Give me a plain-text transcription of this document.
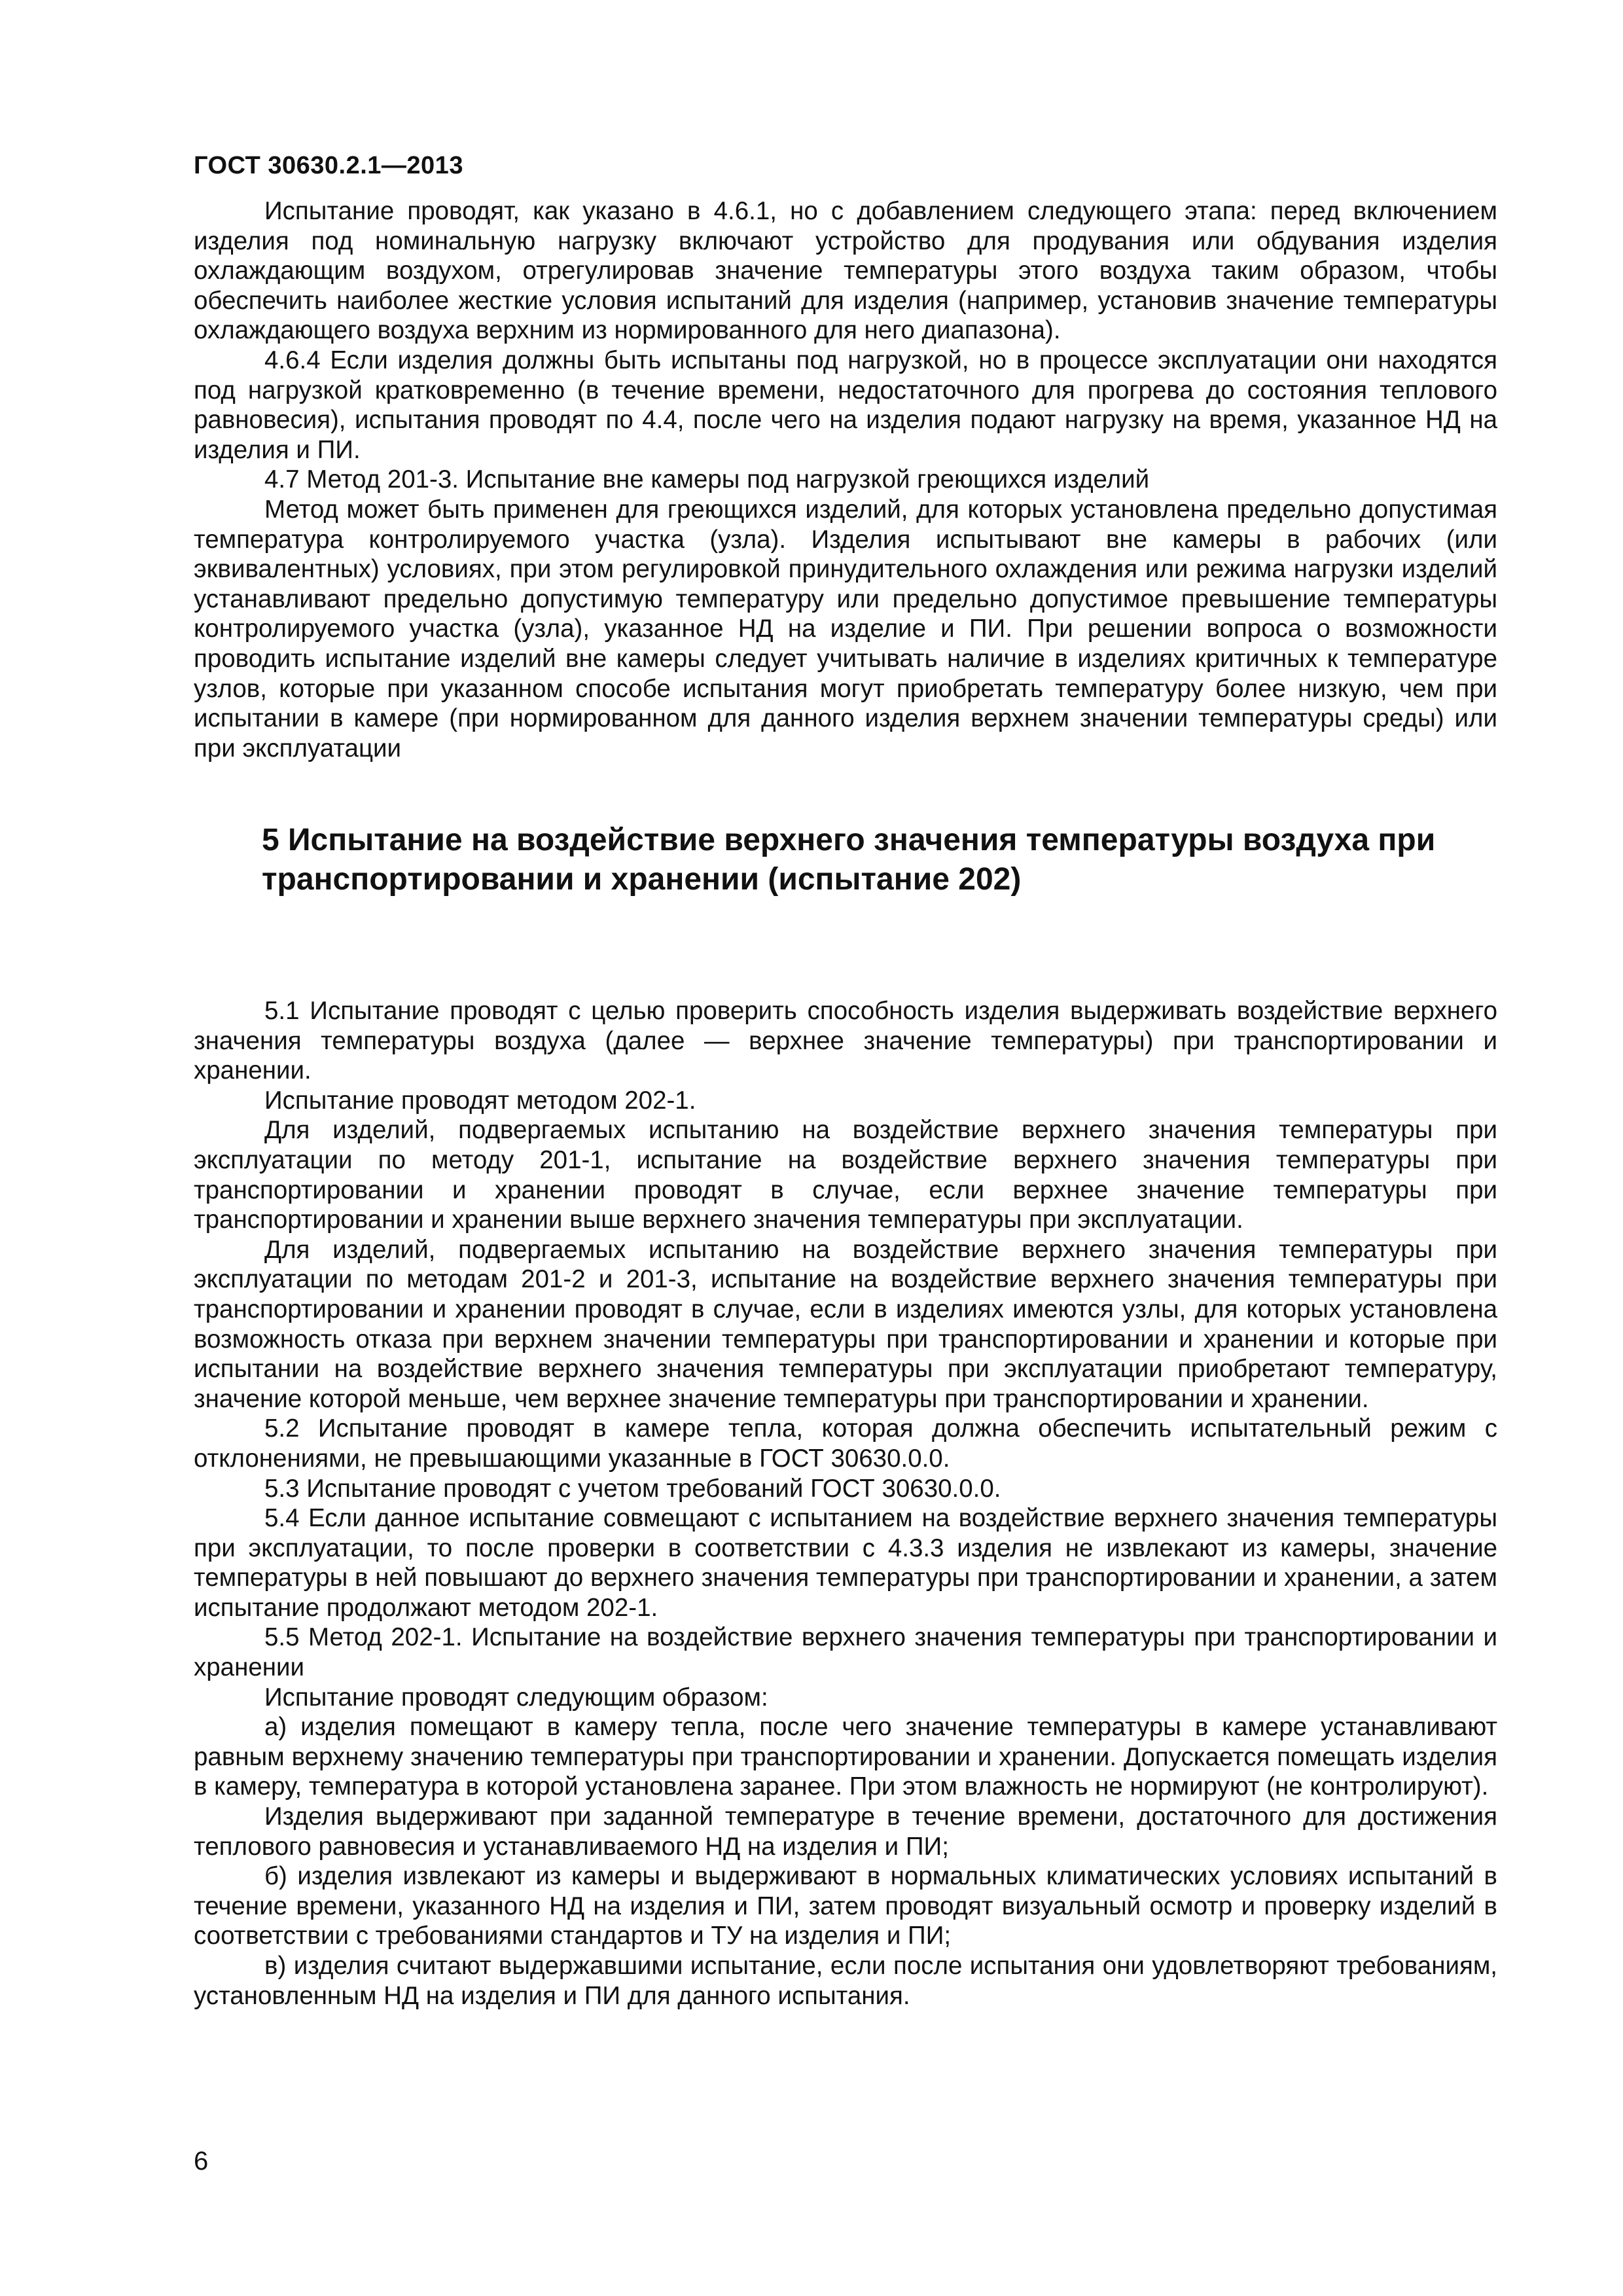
ГОСТ 30630.2.1—2013

Испытание проводят, как указано в 4.6.1, но с добавлением следующего этапа: перед включением изделия под номинальную нагрузку включают устройство для продувания или обдувания изделия охлаждающим воздухом, отрегулировав значение температуры этого воздуха таким образом, чтобы обеспечить наиболее жесткие условия испытаний для изделия (например, установив значение температуры охлаждающего воздуха верхним из нормированного для него диапазона).

4.6.4 Если изделия должны быть испытаны под нагрузкой, но в процессе эксплуатации они находятся под нагрузкой кратковременно (в течение времени, недостаточного для прогрева до состояния теплового равновесия), испытания проводят по 4.4, после чего на изделия подают нагрузку на время, указанное НД на изделия и ПИ.

4.7 Метод 201-3. Испытание вне камеры под нагрузкой греющихся изделий

Метод может быть применен для греющихся изделий, для которых установлена предельно допустимая температура контролируемого участка (узла). Изделия испытывают вне камеры в рабочих (или эквивалентных) условиях, при этом регулировкой принудительного охлаждения или режима нагрузки изделий устанавливают предельно допустимую температуру или предельно допустимое превышение температуры контролируемого участка (узла), указанное НД на изделие и ПИ. При решении вопроса о возможности проводить испытание изделий вне камеры следует учитывать наличие в изделиях критичных к температуре узлов, которые при указанном способе испытания могут приобретать температуру более низкую, чем при испытании в камере (при нормированном для данного изделия верхнем значении температуры среды) или при эксплуатации

5 Испытание на воздействие верхнего значения температуры воздуха при транспортировании и хранении (испытание 202)

5.1 Испытание проводят с целью проверить способность изделия выдерживать воздействие верхнего значения температуры воздуха (далее — верхнее значение температуры) при транспортировании и хранении.

Испытание проводят методом 202-1.

Для изделий, подвергаемых испытанию на воздействие верхнего значения температуры при эксплуатации по методу 201-1, испытание на воздействие верхнего значения температуры при транспортировании и хранении проводят в случае, если верхнее значение температуры при транспортировании и хранении выше верхнего значения температуры при эксплуатации.

Для изделий, подвергаемых испытанию на воздействие верхнего значения температуры при эксплуатации по методам 201-2 и 201-3, испытание на воздействие верхнего значения температуры при транспортировании и хранении проводят в случае, если в изделиях имеются узлы, для которых установлена возможность отказа при верхнем значении температуры при транспортировании и хранении и которые при испытании на воздействие верхнего значения температуры при эксплуатации приобретают температуру, значение которой меньше, чем верхнее значение температуры при транспортировании и хранении.

5.2 Испытание проводят в камере тепла, которая должна обеспечить испытательный режим с отклонениями, не превышающими указанные в ГОСТ 30630.0.0.

5.3 Испытание проводят с учетом требований ГОСТ 30630.0.0.

5.4 Если данное испытание совмещают с испытанием на воздействие верхнего значения температуры при эксплуатации, то после проверки в соответствии с 4.3.3 изделия не извлекают из камеры, значение температуры в ней повышают до верхнего значения температуры при транспортировании и хранении, а затем испытание продолжают методом 202-1.

5.5 Метод 202-1. Испытание на воздействие верхнего значения температуры при транспортировании и хранении

Испытание проводят следующим образом:

а) изделия помещают в камеру тепла, после чего значение температуры в камере устанавливают равным верхнему значению температуры при транспортировании и хранении. Допускается помещать изделия в камеру, температура в которой установлена заранее. При этом влажность не нормируют (не контролируют).

Изделия выдерживают при заданной температуре в течение времени, достаточного для достижения теплового равновесия и устанавливаемого НД на изделия и ПИ;

б) изделия извлекают из камеры и выдерживают в нормальных климатических условиях испытаний в течение времени, указанного НД на изделия и ПИ, затем проводят визуальный осмотр и проверку изделий в соответствии с требованиями стандартов и ТУ на изделия и ПИ;

в) изделия считают выдержавшими испытание, если после испытания они удовлетворяют требованиям, установленным НД на изделия и ПИ для данного испытания.

6
